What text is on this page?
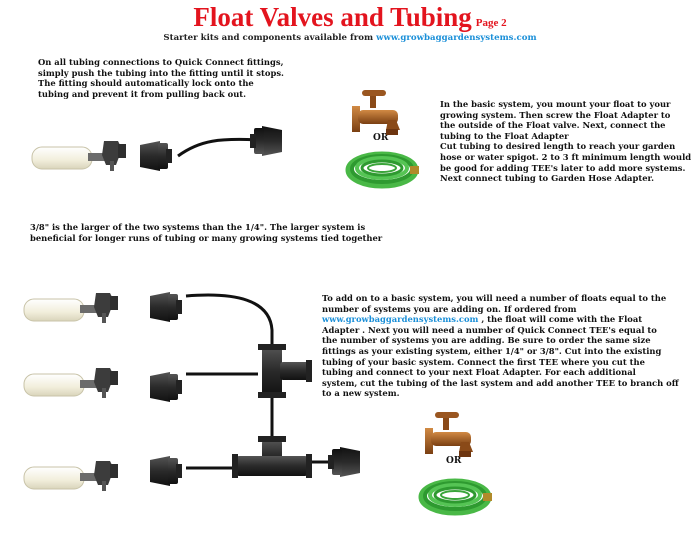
Float Valves and Tubing Page 2
Starter kits and components available from www.growbaggardensystems.com

On all tubing connections to Quick Connect fittings,

simply push the tubing into the fitting until it stops.

The fitting should automatically lock onto the

tubing and prevent it from pulling back out.

In the basic system, you mount your float to your

growing system. Then screw the Float Adapter to

the outside of the Float valve. Next, connect the

tubing to the Float Adapter

Cut tubing to desired length to reach your garden

hose or water spigot. 2 to 3 ft minimum length would

be good for adding TEE's later to add more systems.

Next connect tubing to Garden Hose Adapter.

3/8" is the larger of the two systems than the 1/4". The larger system is

beneficial for longer runs of tubing or many growing systems tied together

To add on to a basic system, you will need a number of floats equal to the

number of systems you are adding on. If ordered from

www.growbaggardensystems.com , the float will come with the Float

Adapter . Next you will need a number of Quick Connect TEE's equal to

the number of systems you are adding. Be sure to order the same size

fittings as your existing system, either 1/4" or 3/8". Cut into the existing

tubing of your basic system. Connect the first TEE where you cut the

tubing and connect to your next Float Adapter. For each additional

system, cut the tubing of the last system and add another TEE to branch off

to a new system.

OR
OR
